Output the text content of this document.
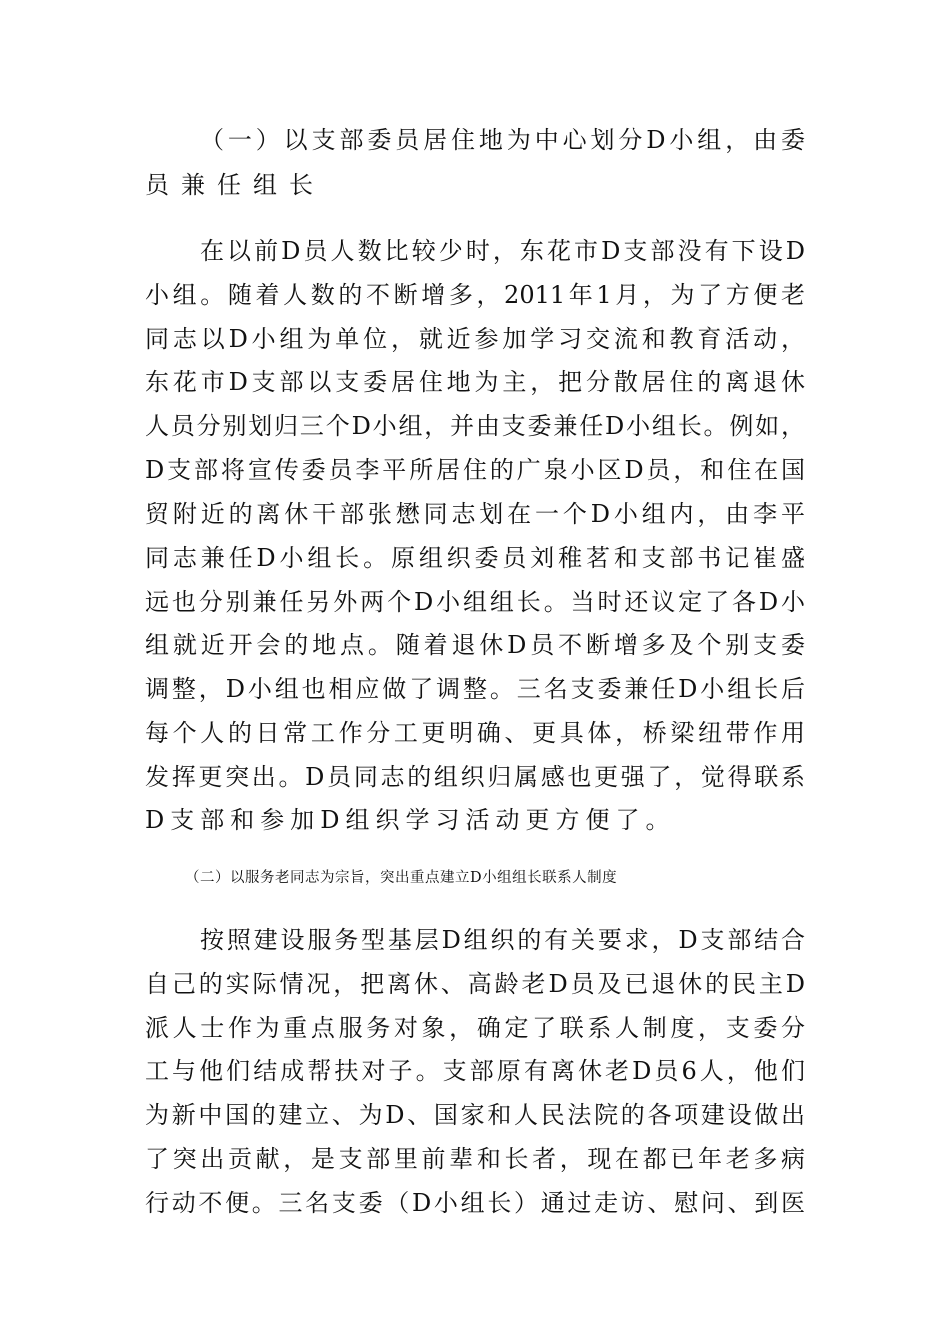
（一）以支部委员居住地为中心划分D小组，由委
员兼任组长
在以前D员人数比较少时，东花市D支部没有下设D
小组。随着人数的不断增多，2011年1月，为了方便老
同志以D小组为单位，就近参加学习交流和教育活动，
东花市D支部以支委居住地为主，把分散居住的离退休
人员分别划归三个D小组，并由支委兼任D小组长。例如，
D支部将宣传委员李平所居住的广泉小区D员，和住在国
贸附近的离休干部张懋同志划在一个D小组内，由李平
同志兼任D小组长。原组织委员刘稚茗和支部书记崔盛
远也分别兼任另外两个D小组组长。当时还议定了各D小
组就近开会的地点。随着退休D员不断增多及个别支委
调整，D小组也相应做了调整。三名支委兼任D小组长后
每个人的日常工作分工更明确、更具体，桥梁纽带作用
发挥更突出。D员同志的组织归属感也更强了，觉得联系
D支部和参加D组织学习活动更方便了。
（二）以服务老同志为宗旨，突出重点建立D小组组长联系人制度
按照建设服务型基层D组织的有关要求，D支部结合
自己的实际情况，把离休、高龄老D员及已退休的民主D
派人士作为重点服务对象，确定了联系人制度，支委分
工与他们结成帮扶对子。支部原有离休老D员6人，他们
为新中国的建立、为D、国家和人民法院的各项建设做出
了突出贡献，是支部里前辈和长者，现在都已年老多病
行动不便。三名支委（D小组长）通过走访、慰问、到医
